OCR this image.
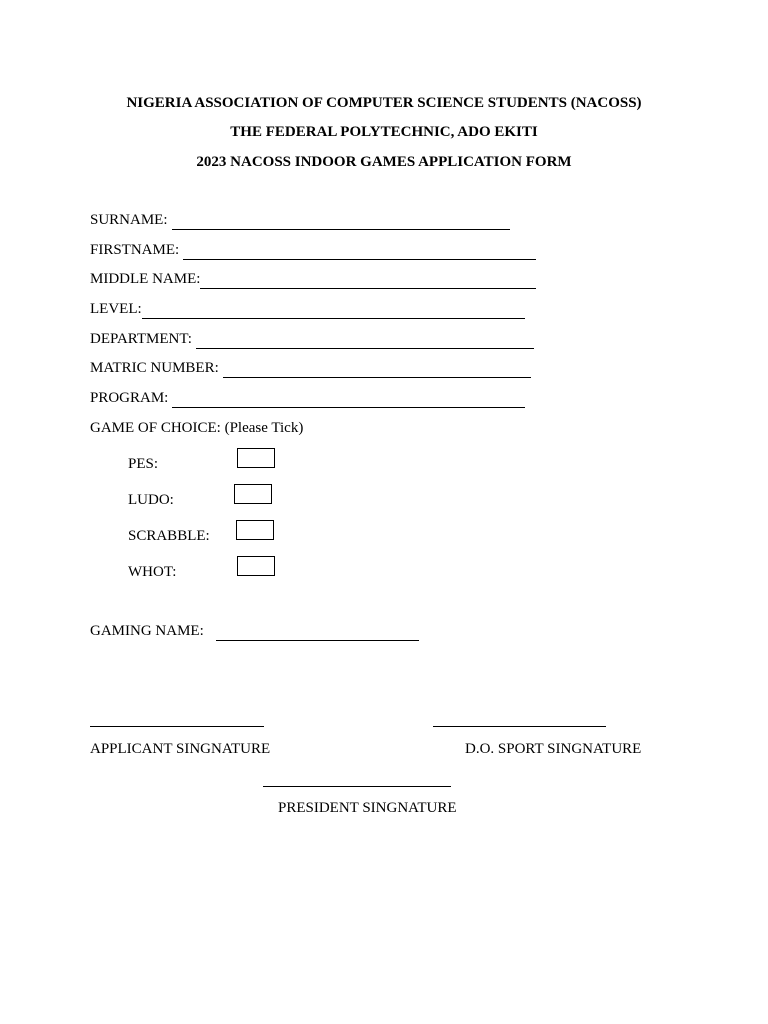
NIGERIA ASSOCIATION OF COMPUTER SCIENCE STUDENTS (NACOSS)
THE FEDERAL POLYTECHNIC, ADO EKITI
2023 NACOSS INDOOR GAMES APPLICATION FORM
SURNAME:
FIRSTNAME:
MIDDLE NAME:
LEVEL:
DEPARTMENT:
MATRIC NUMBER:
PROGRAM:
GAME OF CHOICE: (Please Tick)
PES:
LUDO:
SCRABBLE:
WHOT:
GAMING NAME:
APPLICANT SINGNATURE	D.O. SPORT SINGNATURE
PRESIDENT SINGNATURE
